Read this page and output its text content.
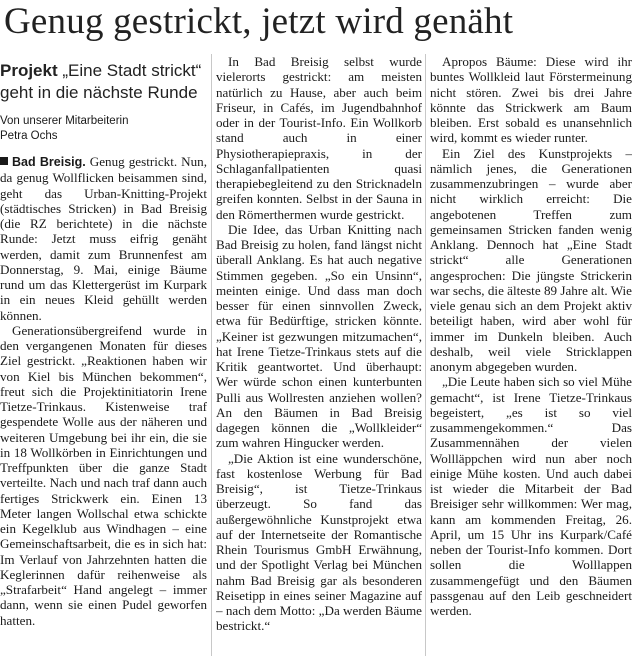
Genug gestrickt, jetzt wird genäht

Projekt „Eine Stadt strickt“ geht in die nächste Runde

Von unserer Mitarbeiterin
Petra Ochs

Bad Breisig. Genug gestrickt. Nun, da genug Wollflicken beisammen sind, geht das Urban-Knitting-Projekt (städtisches Stricken) in Bad Breisig (die RZ berichtete) in die nächste Runde: Jetzt muss eifrig genäht werden, damit zum Brunnenfest am Donnerstag, 9. Mai, einige Bäume rund um das Klettergerüst im Kurpark in ein neues Kleid gehüllt werden können.

Generationsübergreifend wurde in den vergangenen Monaten für dieses Ziel gestrickt. „Reaktionen haben wir von Kiel bis München bekommen“, freut sich die Projektinitiatorin Irene Tietze-Trinkaus. Kistenweise traf gespendete Wolle aus der näheren und weiteren Umgebung bei ihr ein, die sie in 18 Wollkörben in Einrichtungen und Treffpunkten über die ganze Stadt verteilte. Nach und nach traf dann auch fertiges Strickwerk ein. Einen 13 Meter langen Wollschal etwa schickte ein Kegelklub aus Windhagen – eine Gemeinschaftsarbeit, die es in sich hat: Im Verlauf von Jahrzehnten hatten die Keglerinnen dafür reihenweise als „Strafarbeit“ Hand angelegt – immer dann, wenn sie einen Pudel geworfen hatten.

In Bad Breisig selbst wurde vielerorts gestrickt: am meisten natürlich zu Hause, aber auch beim Friseur, in Cafés, im Jugendbahnhof oder in der Tourist-Info. Ein Wollkorb stand auch in einer Physiotherapiepraxis, in der Schlaganfallpatienten quasi therapiebegleitend zu den Stricknadeln greifen konnten. Selbst in der Sauna in den Römerthermen wurde gestrickt.

Die Idee, das Urban Knitting nach Bad Breisig zu holen, fand längst nicht überall Anklang. Es hat auch negative Stimmen gegeben. „So ein Unsinn“, meinten einige. Und dass man doch besser für einen sinnvollen Zweck, etwa für Bedürftige, stricken könnte. „Keiner ist gezwungen mitzumachen“, hat Irene Tietze-Trinkaus stets auf die Kritik geantwortet. Und überhaupt: Wer würde schon einen kunterbunten Pulli aus Wollresten anziehen wollen? An den Bäumen in Bad Breisig dagegen können die „Wollkleider“ zum wahren Hingucker werden.

„Die Aktion ist eine wunderschöne, fast kostenlose Werbung für Bad Breisig“, ist Tietze-Trinkaus überzeugt. So fand das außergewöhnliche Kunstprojekt etwa auf der Internetseite der Romantische Rhein Tourismus GmbH Erwähnung, und der Spotlight Verlag bei München nahm Bad Breisig gar als besonderen Reisetipp in eines seiner Magazine auf – nach dem Motto: „Da werden Bäume bestrickt.“

Apropos Bäume: Diese wird ihr buntes Wollkleid laut Förstermeinung nicht stören. Zwei bis drei Jahre könnte das Strickwerk am Baum bleiben. Erst sobald es unansehnlich wird, kommt es wieder runter.

Ein Ziel des Kunstprojekts – nämlich jenes, die Generationen zusammenzubringen – wurde aber nicht wirklich erreicht: Die angebotenen Treffen zum gemeinsamen Stricken fanden wenig Anklang. Dennoch hat „Eine Stadt strickt“ alle Generationen angesprochen: Die jüngste Strickerin war sechs, die älteste 89 Jahre alt. Wie viele genau sich an dem Projekt aktiv beteiligt haben, wird aber wohl für immer im Dunkeln bleiben. Auch deshalb, weil viele Stricklappen anonym abgegeben wurden.

„Die Leute haben sich so viel Mühe gemacht“, ist Irene Tietze-Trinkaus begeistert, „es ist so viel zusammengekommen.“ Das Zusammennähen der vielen Wollläppchen wird nun aber noch einige Mühe kosten. Und auch dabei ist wieder die Mitarbeit der Bad Breisiger sehr willkommen: Wer mag, kann am kommenden Freitag, 26. April, um 15 Uhr ins Kurpark/Café neben der Tourist-Info kommen. Dort sollen die Wolllappen zusammengefügt und den Bäumen passgenau auf den Leib geschneidert werden.
